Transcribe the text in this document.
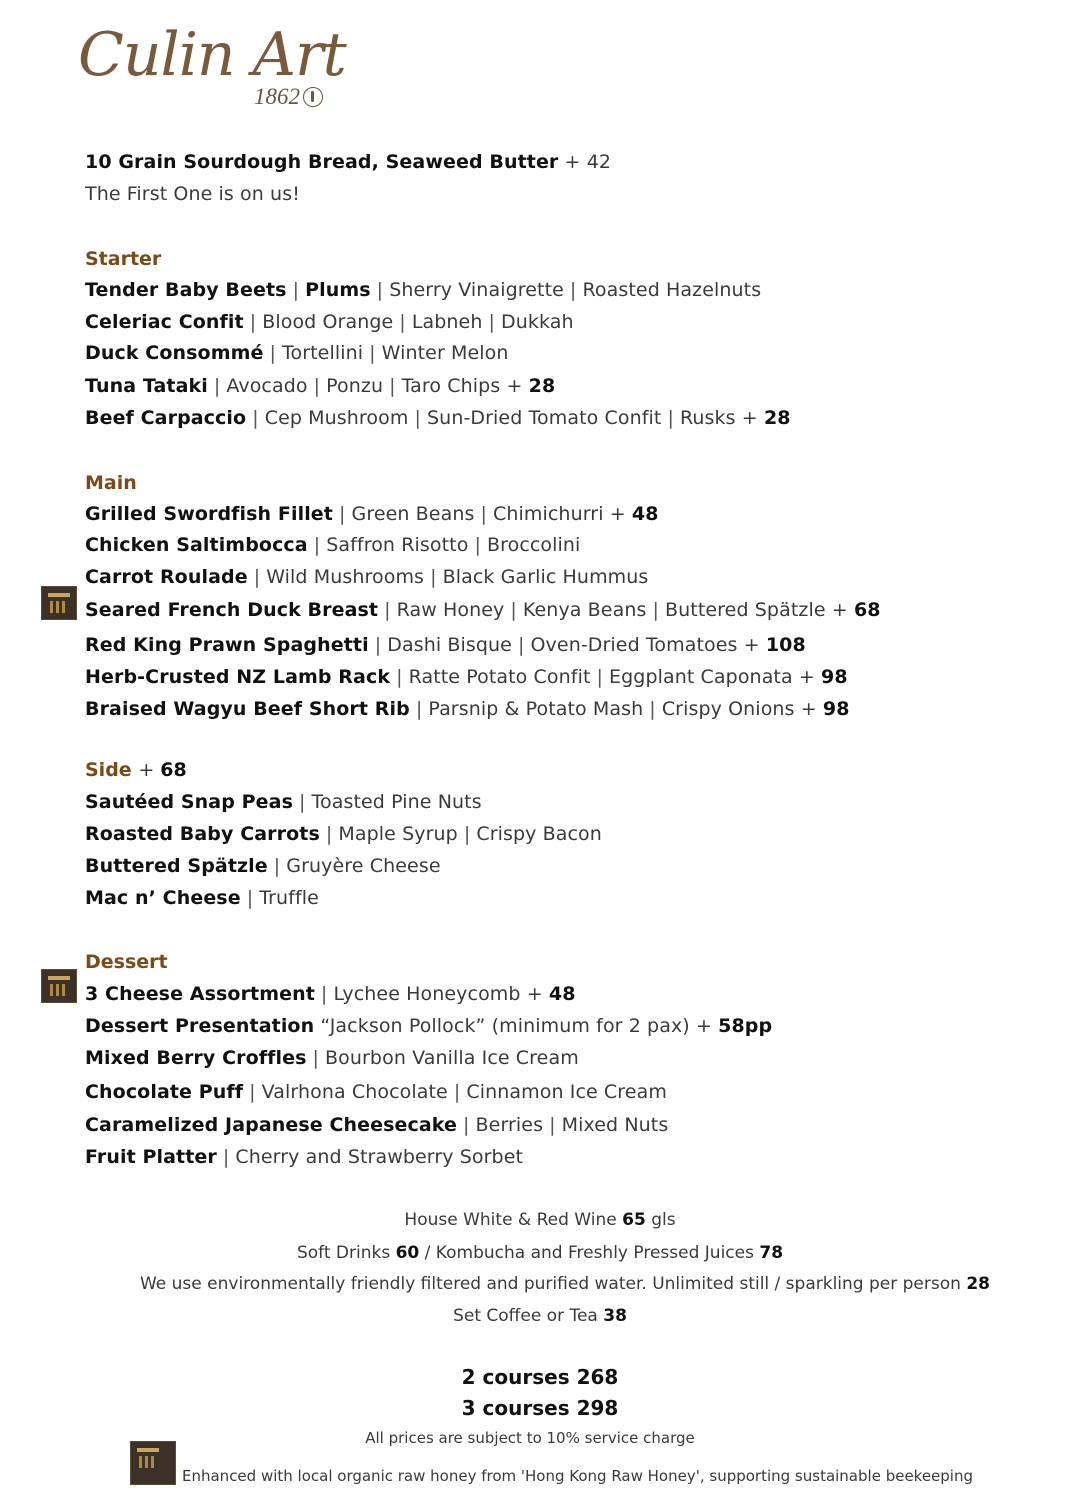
Culin Art
1862
10 Grain Sourdough Bread, Seaweed Butter + 42
The First One is on us!
Starter
Tender Baby Beets | Plums | Sherry Vinaigrette | Roasted Hazelnuts
Celeriac Confit | Blood Orange | Labneh | Dukkah
Duck Consommé | Tortellini | Winter Melon
Tuna Tataki | Avocado | Ponzu | Taro Chips + 28
Beef Carpaccio | Cep Mushroom | Sun-Dried Tomato Confit | Rusks + 28
Main
Grilled Swordfish Fillet | Green Beans | Chimichurri + 48
Chicken Saltimbocca | Saffron Risotto | Broccolini
Carrot Roulade | Wild Mushrooms | Black Garlic Hummus
Seared French Duck Breast | Raw Honey | Kenya Beans | Buttered Spätzle + 68
Red King Prawn Spaghetti | Dashi Bisque | Oven-Dried Tomatoes + 108
Herb-Crusted NZ Lamb Rack | Ratte Potato Confit | Eggplant Caponata + 98
Braised Wagyu Beef Short Rib | Parsnip & Potato Mash | Crispy Onions + 98
Side + 68
Sautéed Snap Peas | Toasted Pine Nuts
Roasted Baby Carrots | Maple Syrup | Crispy Bacon
Buttered Spätzle | Gruyère Cheese
Mac n’ Cheese | Truffle
Dessert
3 Cheese Assortment | Lychee Honeycomb + 48
Dessert Presentation “Jackson Pollock” (minimum for 2 pax) + 58pp
Mixed Berry Croffles | Bourbon Vanilla Ice Cream
Chocolate Puff | Valrhona Chocolate | Cinnamon Ice Cream
Caramelized Japanese Cheesecake | Berries | Mixed Nuts
Fruit Platter | Cherry and Strawberry Sorbet
House White & Red Wine 65 gls
Soft Drinks 60 / Kombucha and Freshly Pressed Juices 78
We use environmentally friendly filtered and purified water. Unlimited still / sparkling per person 28
Set Coffee or Tea 38
2 courses 268
3 courses 298
All prices are subject to 10% service charge
Enhanced with local organic raw honey from 'Hong Kong Raw Honey', supporting sustainable beekeeping
